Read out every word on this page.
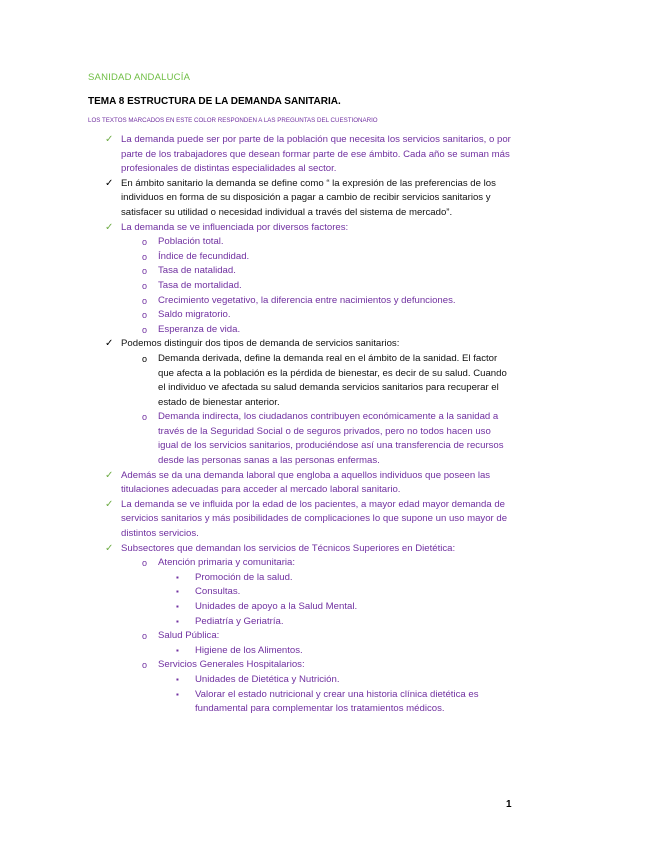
SANIDAD ANDALUCÍA
TEMA 8 ESTRUCTURA DE LA DEMANDA SANITARIA.
LOS TEXTOS MARCADOS EN ESTE COLOR RESPONDEN A LAS PREGUNTAS DEL CUESTIONARIO
✓ La demanda puede ser por parte de la población que necesita los servicios sanitarios, o por parte de los trabajadores que desean formar parte de ese ámbito. Cada año se suman más profesionales de distintas especialidades al sector.
✓ En ámbito sanitario la demanda se define como “ la expresión de las preferencias de los individuos en forma de su disposición a pagar a cambio de recibir servicios sanitarios y satisfacer su utilidad o necesidad individual a través del sistema de mercado”.
✓ La demanda se ve influenciada por diversos factores:
o Población total.
o Índice de fecundidad.
o Tasa de natalidad.
o Tasa de mortalidad.
o Crecimiento vegetativo, la diferencia entre nacimientos y defunciones.
o Saldo migratorio.
o Esperanza de vida.
✓ Podemos distinguir dos tipos de demanda de servicios sanitarios:
o Demanda derivada, define la demanda real en el ámbito de la sanidad. El factor que afecta a la población es la pérdida de bienestar, es decir de su salud. Cuando el individuo ve afectada su salud demanda servicios sanitarios para recuperar el estado de bienestar anterior.
o Demanda indirecta, los ciudadanos contribuyen económicamente a la sanidad a través de la Seguridad Social o de seguros privados, pero no todos hacen uso igual de los servicios sanitarios, produciéndose así una transferencia de recursos desde las personas sanas a las personas enfermas.
✓ Además se da una demanda laboral que engloba a aquellos individuos que poseen las titulaciones adecuadas para acceder al mercado laboral sanitario.
✓ La demanda se ve influida por la edad de los pacientes, a mayor edad mayor demanda de servicios sanitarios y más posibilidades de complicaciones lo que supone un uso mayor de distintos servicios.
✓ Subsectores que demandan los servicios de Técnicos Superiores en Dietética:
o Atención primaria y comunitaria:
▪ Promoción de la salud.
▪ Consultas.
▪ Unidades de apoyo a la Salud Mental.
▪ Pediatría y Geriatría.
o Salud Pública:
▪ Higiene de los Alimentos.
o Servicios Generales Hospitalarios:
▪ Unidades de Dietética y Nutrición.
▪ Valorar el estado nutricional y crear una historia clínica dietética es fundamental para complementar los tratamientos médicos.
1
